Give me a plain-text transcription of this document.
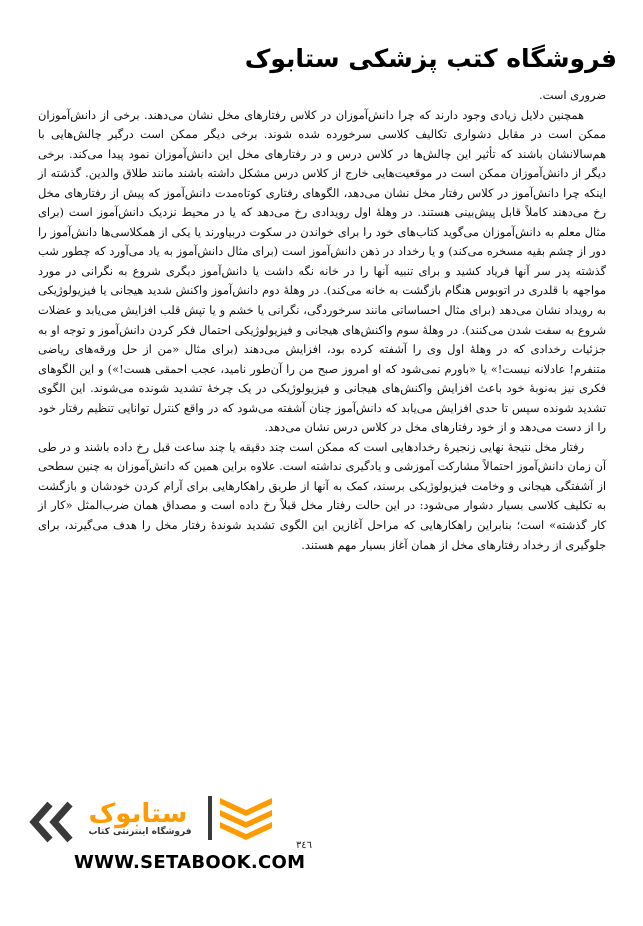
فروشگاه کتب پزشکی ستابوک

ضروری است.

همچنین دلایل زیادی وجود دارند که چرا دانش‌آموزان در کلاس رفتارهای مخل نشان می‌دهند. برخی از دانش‌آموزان ممکن است در مقابل دشواری تکالیف کلاسی سرخورده شده شوند. برخی دیگر ممکن است درگیر چالش‌هایی با هم‌سالانشان باشند که تأثیر این چالش‌ها در کلاس درس و در رفتارهای مخل این دانش‌آموزان نمود پیدا می‌کند. برخی دیگر از دانش‌آموزان ممکن است در موقعیت‌هایی خارج از کلاس درس مشکل داشته باشند مانند طلاق والدین. گذشته از اینکه چرا دانش‌آموز در کلاس رفتار مخل نشان می‌دهد، الگوهای رفتاری کوتاه‌مدت دانش‌آموز که پیش از رفتارهای مخل رخ می‌دهند کاملاً قابل پیش‌بینی هستند. در وهلهٔ اول رویدادی رخ می‌دهد که یا در محیط نزدیک دانش‌آموز است (برای مثال معلم به دانش‌آموزان می‌گوید کتاب‌های خود را برای خواندن در سکوت دربیاورند یا یکی از همکلاسی‌ها دانش‌آموز را دور از چشم بقیه مسخره می‌کند) و یا رخداد در ذهن دانش‌آموز است (برای مثال دانش‌آموز به یاد می‌آورد که چطور شب گذشته پدر سر آنها فریاد کشید و برای تنبیه آنها را در خانه نگه داشت یا دانش‌آموز دیگری شروع به نگرانی در مورد مواجهه با قلدری در اتوبوس هنگام بازگشت به خانه می‌کند). در وهلهٔ دوم دانش‌آموز واکنش شدید هیجانی یا فیزیولوژیکی به رویداد نشان می‌دهد (برای مثال احساساتی مانند سرخوردگی، نگرانی یا خشم و یا تپش قلب افزایش می‌یابد و عضلات شروع به سفت شدن می‌کنند). در وهلهٔ سوم واکنش‌های هیجانی و فیزیولوژیکی احتمال فکر کردن دانش‌آموز و توجه او به جزئیات رخدادی که در وهلهٔ اول وی را آشفته کرده بود، افزایش می‌دهند (برای مثال «من از حل ورقه‌های ریاضی متنفرم! عادلانه نیست!» یا «باورم نمی‌شود که او امروز صبح من را آن‌طور نامید، عجب احمقی هست!») و این الگوهای فکری نیز به‌نوبهٔ خود باعث افزایش واکنش‌های هیجانی و فیزیولوژیکی در یک چرخهٔ تشدید شونده می‌شوند. این الگوی تشدید شونده سپس تا حدی افزایش می‌یابد که دانش‌آموز چنان آشفته می‌شود که در واقع کنترل توانایی تنظیم رفتار خود را از دست می‌دهد و از خود رفتارهای مخل در کلاس درس نشان می‌دهد.

رفتار مخل نتیجهٔ نهایی زنجیرهٔ رخدادهایی است که ممکن است چند دقیقه یا چند ساعت قبل رخ داده باشند و در طی آن زمان دانش‌آموز احتمالاً مشارکت آموزشی و یادگیری نداشته است. علاوه براین همین که دانش‌آموزان به چنین سطحی از آشفتگی هیجانی و وخامت فیزیولوژیکی برسند، کمک به آنها از طریق راهکارهایی برای آرام کردن خودشان و بازگشت به تکلیف کلاسی بسیار دشوار می‌شود: در این حالت رفتار مخل قبلاً رخ داده است و مصداق همان ضرب‌المثل «کار از کار گذشته» است؛ بنابراین راهکارهایی که مراحل آغازین این الگوی تشدید شوندهٔ رفتار مخل را هدف می‌گیرند، برای جلوگیری از رخداد رفتارهای مخل از همان آغاز بسیار مهم هستند.

ستابوک
فروشگاه اینترنتی کتاب
٣٤٦
WWW.SETABOOK.COM
